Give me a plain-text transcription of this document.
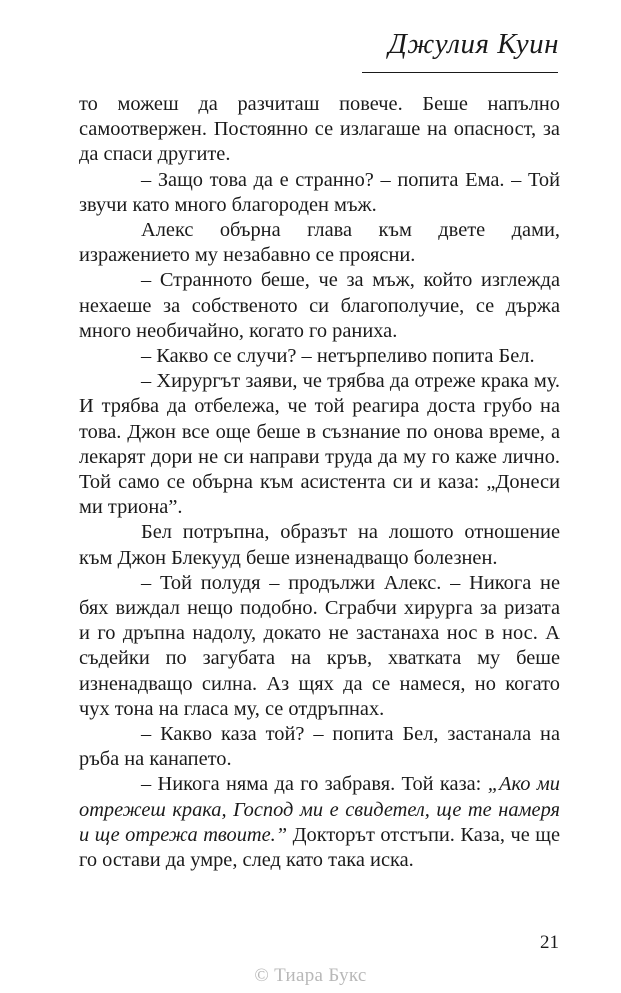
Джулия Куин

то можеш да разчиташ повече. Беше напълно самоотвержен. Постоянно се излагаше на опасност, за да спаси другите.

– Защо това да е странно? – попита Ема. – Той звучи като много благороден мъж.

Алекс обърна глава към двете дами, изражението му незабавно се проясни.

– Странното беше, че за мъж, който изглежда нехаеше за собственото си благополучие, се държа много необичайно, когато го раниха.

– Какво се случи? – нетърпеливо попита Бел.

– Хирургът заяви, че трябва да отреже крака му. И трябва да отбележа, че той реагира доста грубо на това. Джон все още беше в съзнание по онова време, а лекарят дори не си направи труда да му го каже лично. Той само се обърна към асистента си и каза: „Донеси ми триона”.

Бел потръпна, образът на лошото отношение към Джон Блекууд беше изненадващо болезнен.

– Той полудя – продължи Алекс. – Никога не бях виждал нещо подобно. Сграбчи хирурга за ризата и го дръпна надолу, докато не застанаха нос в нос. А съдейки по загубата на кръв, хватката му беше изненадващо силна. Аз щях да се намеся, но когато чух тона на гласа му, се отдръпнах.

– Какво каза той? – попита Бел, застанала на ръба на канапето.

– Никога няма да го забравя. Той каза: „Ако ми отрежеш крака, Господ ми е свидетел, ще те намеря и ще отрежа твоите.” Докторът отстъпи. Каза, че ще го остави да умре, след като така иска.

21
© Тиара Букс
